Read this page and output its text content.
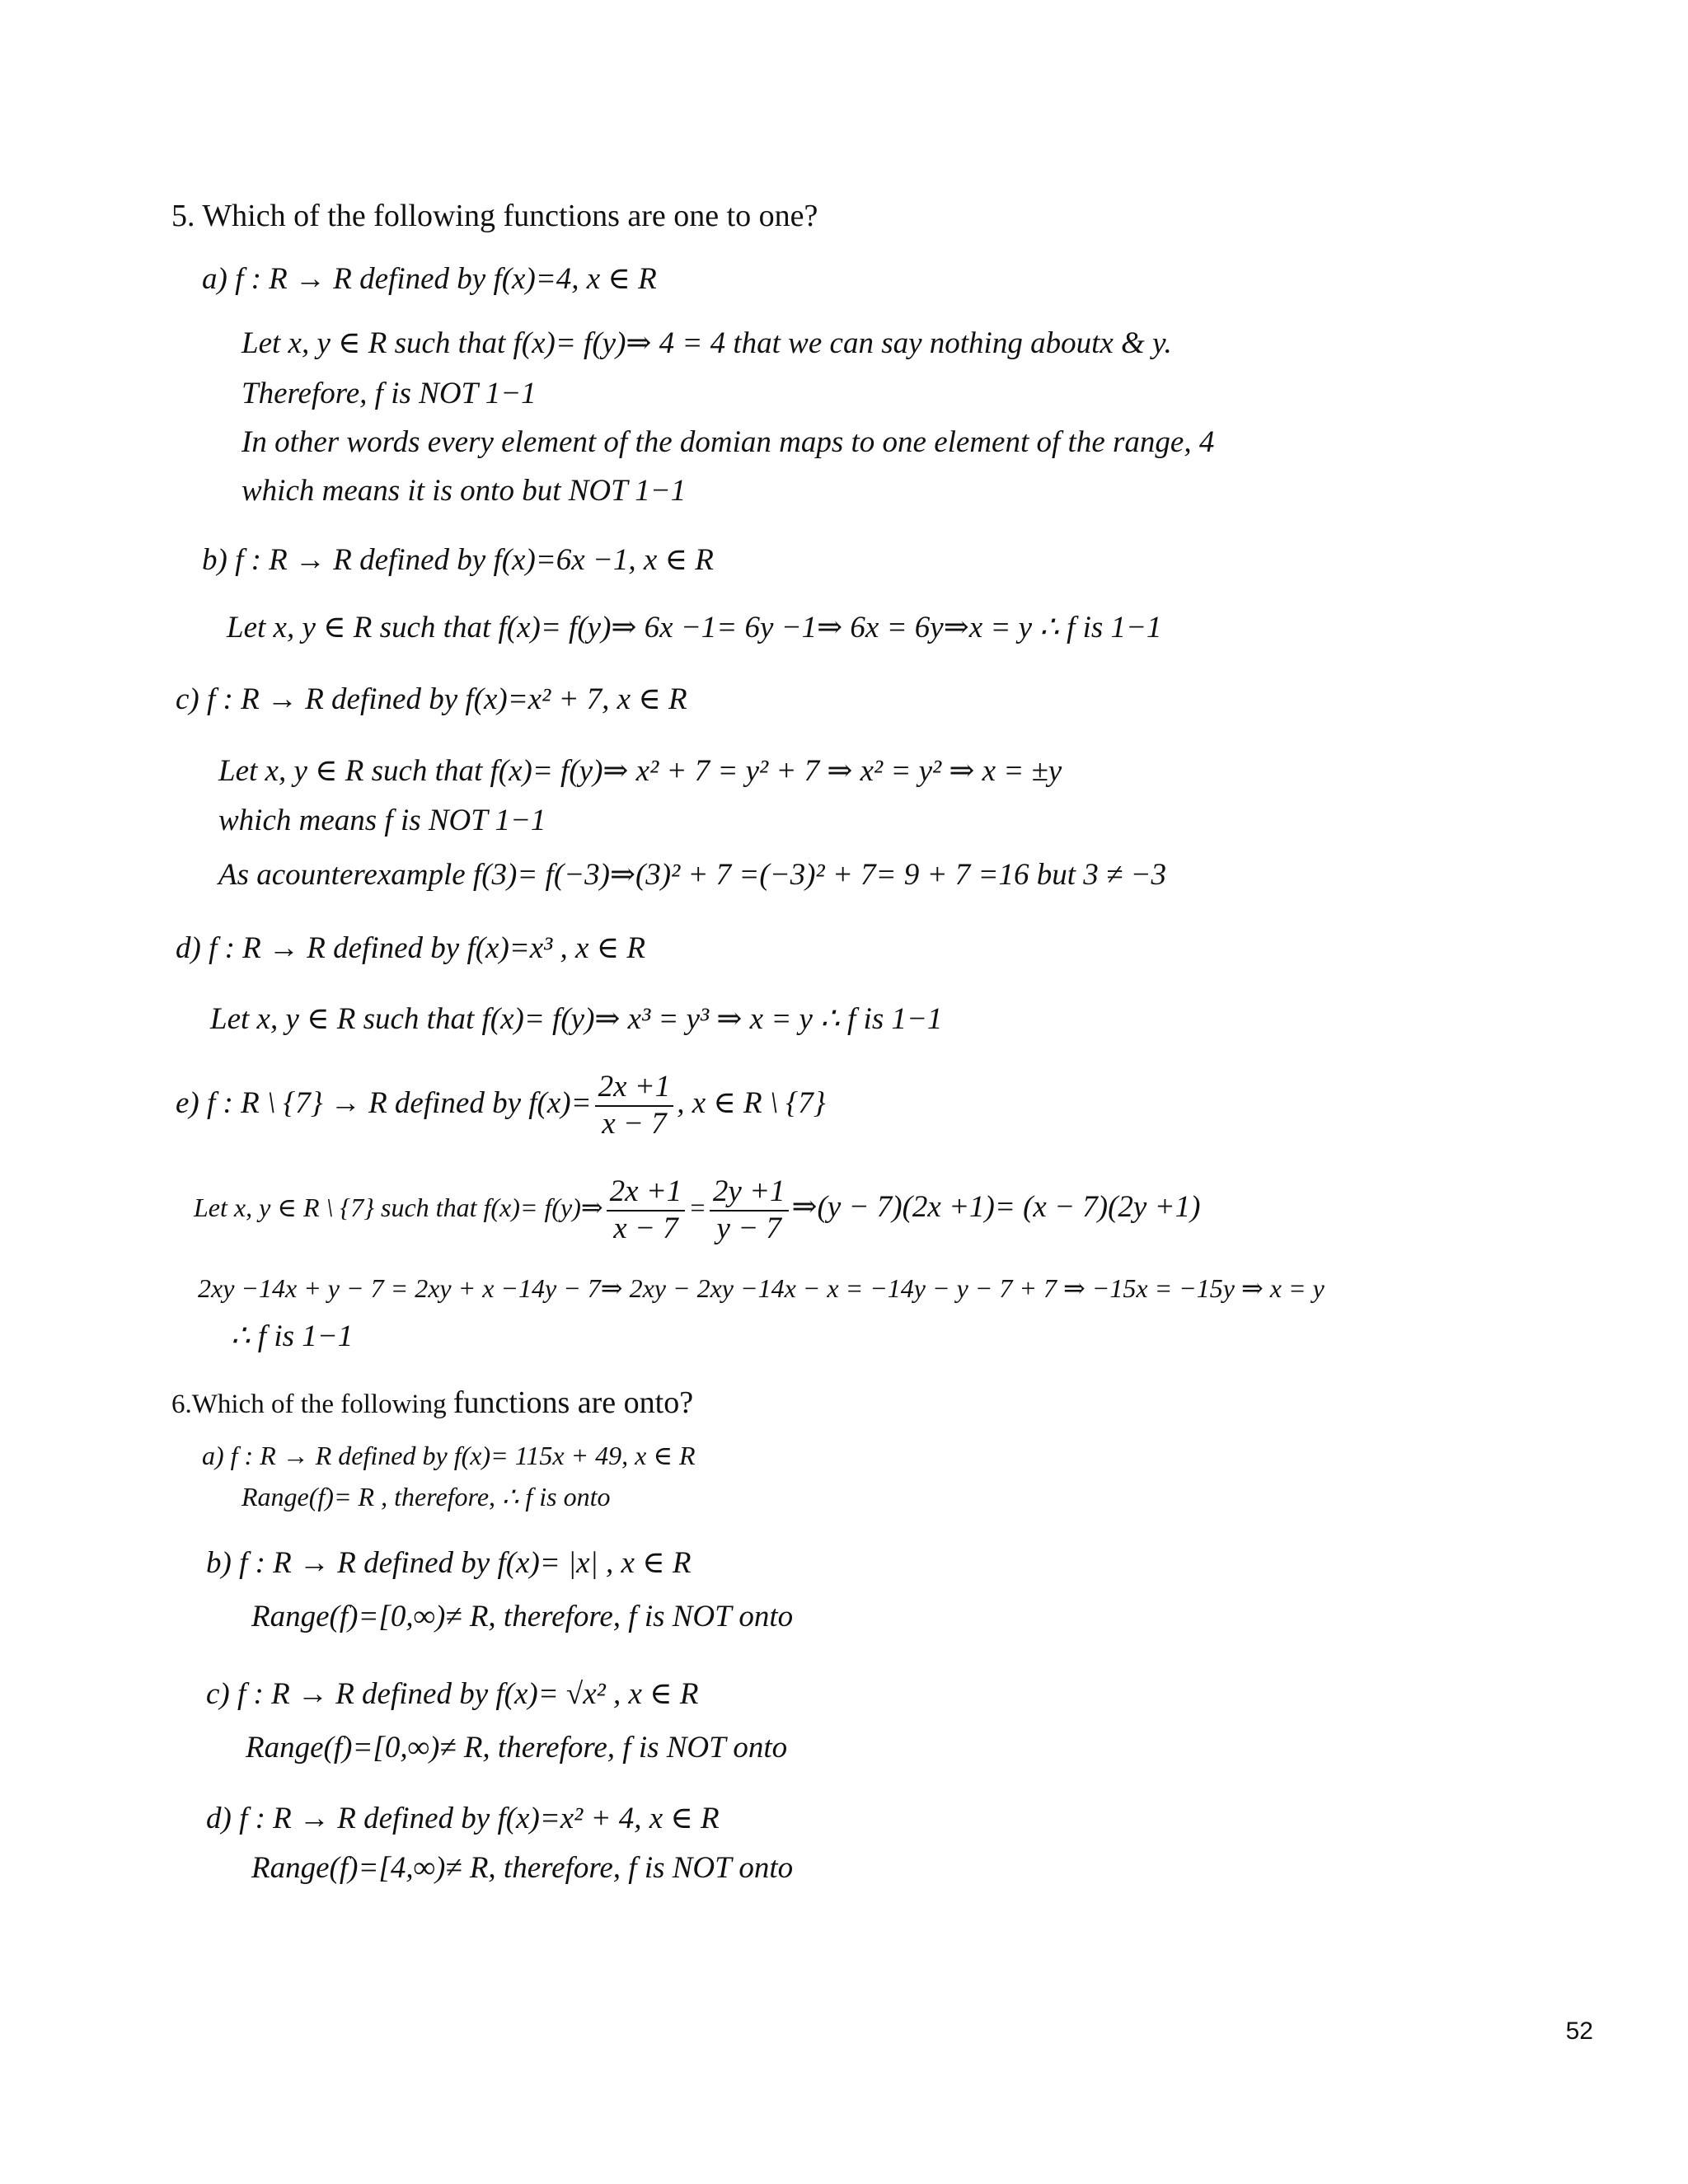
5. Which of the following functions are one to one?
a) f : R → R defined by f(x)=4, x ∈ R
Let x, y ∈ R such that f(x)= f(y)⇒ 4 = 4 that we can say nothing aboutx & y.
Therefore, f is NOT 1−1
In other words every element of the domian maps to one element of the range, 4
which means it is onto but NOT 1−1
b) f : R → R defined by f(x)=6x −1, x ∈ R
Let x, y ∈ R such that f(x)= f(y)⇒ 6x −1= 6y −1⇒ 6x = 6y⇒x = y ∴ f is 1−1
c) f : R → R defined by f(x)=x² + 7, x ∈ R
Let x, y ∈ R such that f(x)= f(y)⇒ x² + 7 = y² + 7 ⇒ x² = y² ⇒ x = ±y
which means f is NOT 1−1
As acounterexample f(3)= f(−3)⇒(3)² + 7 =(−3)² + 7= 9 + 7 =16 but 3 ≠ −3
d) f : R → R defined by f(x)=x³ , x ∈ R
Let x, y ∈ R such that f(x)= f(y)⇒ x³ = y³ ⇒ x = y ∴ f is 1−1
e) f : R \ {7} → R defined by $f(x)= \frac{2x +1}{x - 7}$ , x ∈ R \ {7}
Let x, y ∈ R \ {7} such that f(x)= f(y)⇒ $\frac{2x +1}{x - 7} = \frac{2y +1}{y - 7}$ ⇒(y − 7)(2x +1)= (x − 7)(2y +1)
2xy −14x + y − 7 = 2xy + x −14y − 7⇒ 2xy − 2xy −14x − x = −14y − y − 7 + 7 ⇒ −15x = −15y ⇒ x = y
∴ f is 1−1
6.Which of the following functions are onto?
a) f : R → R defined by f(x)= 115x + 49, x ∈ R
Range(f)= R , therefore, ∴ f is onto
b) f : R → R defined by f(x)= |x| , x ∈ R
Range(f)=[0,∞)≠ R, therefore, f is NOT onto
c) f : R → R defined by f(x)= √x² , x ∈ R
Range(f)=[0,∞)≠ R, therefore, f is NOT onto
d) f : R → R defined by f(x)=x² + 4, x ∈ R
Range(f)=[4,∞)≠ R, therefore, f is NOT onto
52
